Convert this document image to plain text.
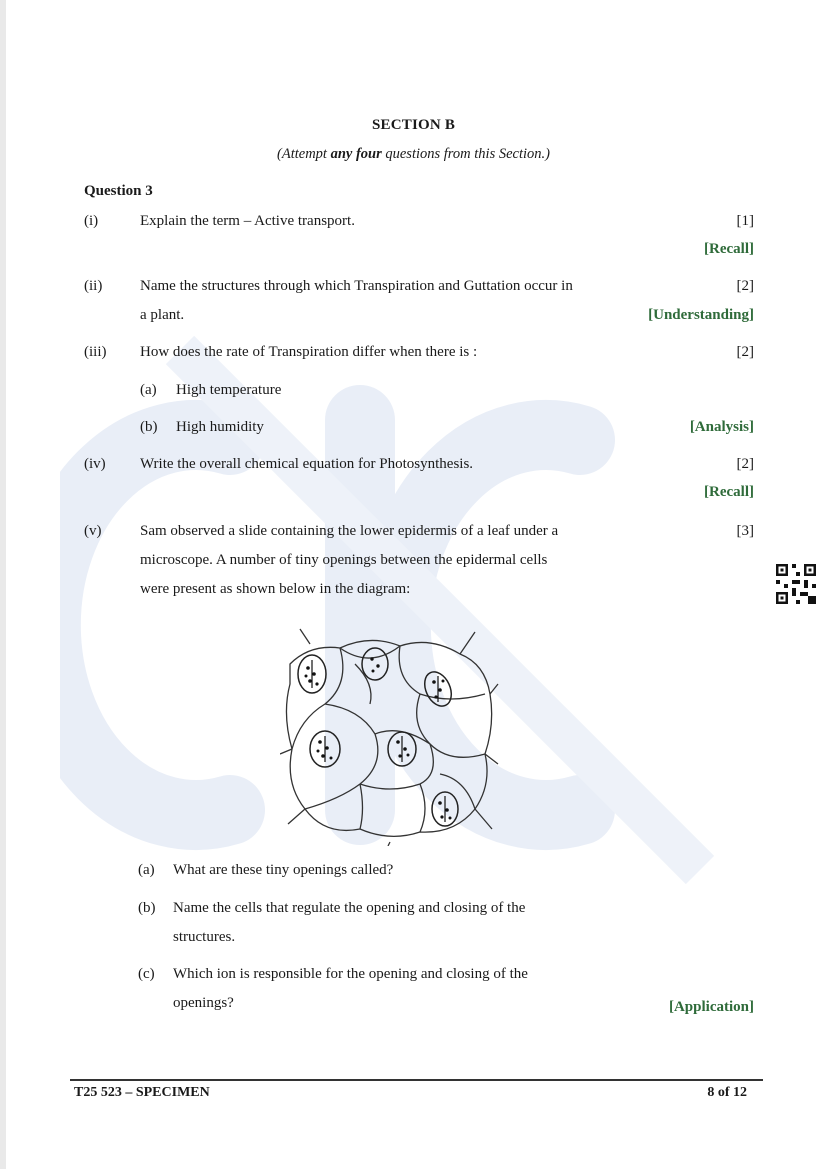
SECTION B
(Attempt any four questions from this Section.)
Question 3
(i)	Explain the term – Active transport.	[1]
[Recall]
(ii)	Name the structures through which Transpiration and Guttation occur in
a plant.
[2]
[Understanding]
(iii) How does the rate of Transpiration differ when there is :	[2]
(a) High temperature
(b) High humidity	[Analysis]
(iv) Write the overall chemical equation for Photosynthesis.	[2]
[Recall]
(v)	Sam observed a slide containing the lower epidermis of a leaf under a
microscope. A number of tiny openings between the epidermal cells
were present as shown below in the diagram:
[3]
(a) What are these tiny openings called?
(b) Name the cells that regulate the opening and closing of the
structures.
(c) Which ion is responsible for the opening and closing of the
openings?	[Application]
T25 523 – SPECIMEN	8 of 12
